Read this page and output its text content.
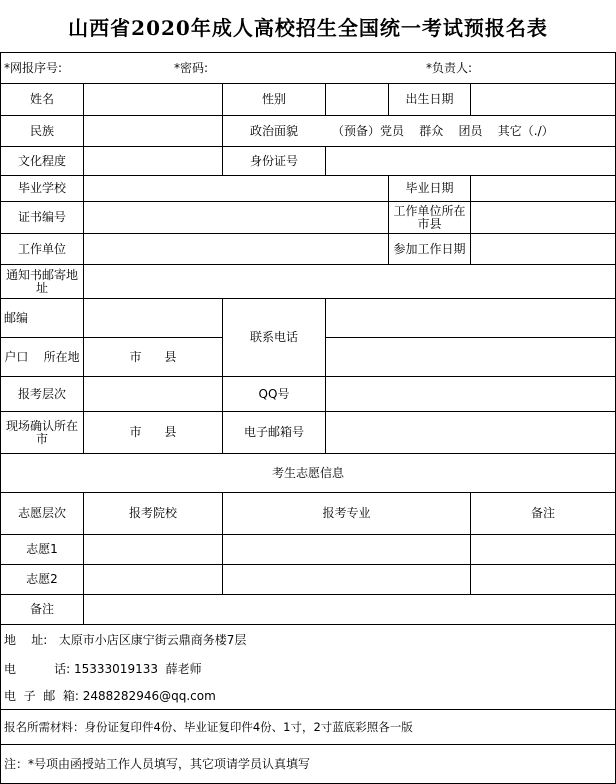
山西省2020年成人高校招生全国统一考试预报名表
*网报序号:	*密码:	*负责人:
姓名	性别	出生日期
民族	政治面貌	（预备）党员    群众    团员    其它（./）
文化程度	身份证号
毕业学校	毕业日期
证书编号	工作单位所在市县
工作单位	参加工作日期
通知书邮寄地址
邮编
联系电话
户口    所在地	市      县
报考层次	QQ号
现场确认所在市	市      县	电子邮箱号
考生志愿信息
志愿层次	报考院校	报考专业	备注
志愿1
志愿2
备注
地    址:   太原市小店区康宁街云鼎商务楼7层
电          话: 15333019133  薛老师
电  子  邮  箱: 2488282946@qq.com
报名所需材料：身份证复印件4份、毕业证复印件4份、1寸，2寸蓝底彩照各一版
注：*号项由函授站工作人员填写，其它项请学员认真填写
